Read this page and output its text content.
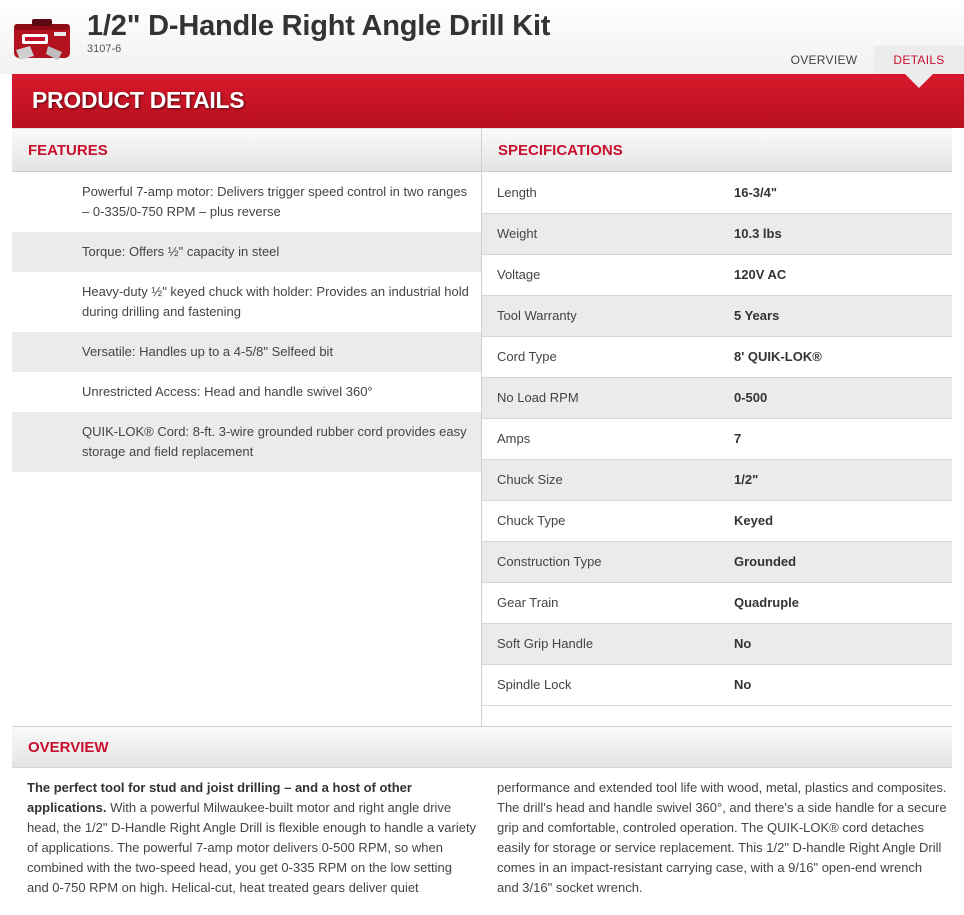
1/2" D-Handle Right Angle Drill Kit
3107-6
OVERVIEW	DETAILS
PRODUCT DETAILS
FEATURES
Powerful 7-amp motor: Delivers trigger speed control in two ranges – 0-335/0-750 RPM – plus reverse
Torque: Offers ½" capacity in steel
Heavy-duty ½" keyed chuck with holder: Provides an industrial hold during drilling and fastening
Versatile: Handles up to a 4-5/8" Selfeed bit
Unrestricted Access: Head and handle swivel 360°
QUIK-LOK® Cord: 8-ft. 3-wire grounded rubber cord provides easy storage and field replacement
SPECIFICATIONS
Length	16-3/4"
Weight	10.3 lbs
Voltage	120V AC
Tool Warranty	5 Years
Cord Type	8' QUIK-LOK®
No Load RPM	0-500
Amps	7
Chuck Size	1/2"
Chuck Type	Keyed
Construction Type	Grounded
Gear Train	Quadruple
Soft Grip Handle	No
Spindle Lock	No
OVERVIEW
The perfect tool for stud and joist drilling – and a host of other applications. With a powerful Milwaukee-built motor and right angle drive head, the 1/2" D-Handle Right Angle Drill is flexible enough to handle a variety of applications. The powerful 7-amp motor delivers 0-500 RPM, so when combined with the two-speed head, you get 0-335 RPM on the low setting and 0-750 RPM on high. Helical-cut, heat treated gears deliver quiet performance and extended tool life with wood, metal, plastics and composites. The drill's head and handle swivel 360°, and there's a side handle for a secure grip and comfortable, controled operation. The QUIK-LOK® cord detaches easily for storage or service replacement. This 1/2" D-handle Right Angle Drill comes in an impact-resistant carrying case, with a 9/16" open-end wrench and 3/16" socket wrench.
